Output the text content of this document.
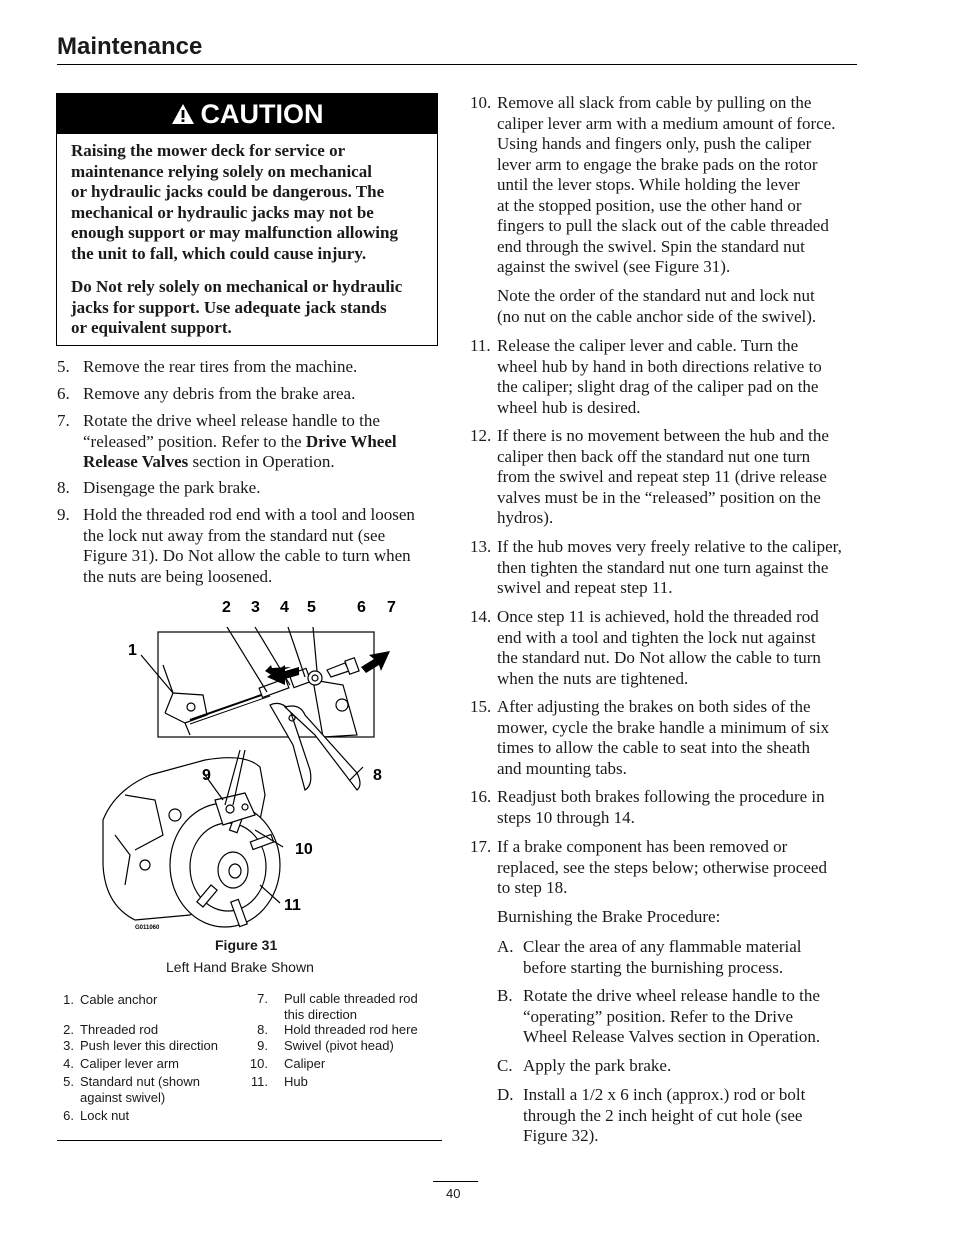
Maintenance
CAUTION

Raising the mower deck for service or
maintenance relying solely on mechanical
or hydraulic jacks could be dangerous. The
mechanical or hydraulic jacks may not be
enough support or may malfunction allowing
the unit to fall, which could cause injury.

Do Not rely solely on mechanical or hydraulic
jacks for support. Use adequate jack stands
or equivalent support.

5. Remove the rear tires from the machine.
6. Remove any debris from the brake area.
7. Rotate the drive wheel release handle to the
“released” position. Refer to the Drive Wheel
Release Valves section in Operation.
8. Disengage the park brake.
9. Hold the threaded rod end with a tool and loosen
the lock nut away from the standard nut (see
Figure 31). Do Not allow the cable to turn when
the nuts are being loosened.
1
2 3 4 5	6 7
8
9
10
11
G011060
Figure 31
Left Hand Brake Shown
1. Cable anchor
2. Threaded rod
3. Push lever this direction
4. Caliper lever arm
5. Standard nut (shown
against swivel)
6. Lock nut
7. Pull cable threaded rod
this direction
8. Hold threaded rod here
9. Swivel (pivot head)
10. Caliper
11. Hub
10. Remove all slack from cable by pulling on the
caliper lever arm with a medium amount of force.
Using hands and fingers only, push the caliper
lever arm to engage the brake pads on the rotor
until the lever stops. While holding the lever
at the stopped position, use the other hand or
fingers to pull the slack out of the cable threaded
end through the swivel. Spin the standard nut
against the swivel (see Figure 31).
Note the order of the standard nut and lock nut
(no nut on the cable anchor side of the swivel).
11. Release the caliper lever and cable. Turn the
wheel hub by hand in both directions relative to
the caliper; slight drag of the caliper pad on the
wheel hub is desired.
12. If there is no movement between the hub and the
caliper then back off the standard nut one turn
from the swivel and repeat step 11 (drive release
valves must be in the “released” position on the
hydros).
13. If the hub moves very freely relative to the caliper,
then tighten the standard nut one turn against the
swivel and repeat step 11.
14. Once step 11 is achieved, hold the threaded rod
end with a tool and tighten the lock nut against
the standard nut. Do Not allow the cable to turn
when the nuts are tightened.
15. After adjusting the brakes on both sides of the
mower, cycle the brake handle a minimum of six
times to allow the cable to seat into the sheath
and mounting tabs.
16. Readjust both brakes following the procedure in
steps 10 through 14.
17. If a brake component has been removed or
replaced, see the steps below; otherwise proceed
to step 18.
Burnishing the Brake Procedure:
A. Clear the area of any flammable material
before starting the burnishing process.
B. Rotate the drive wheel release handle to the
“operating” position. Refer to the Drive
Wheel Release Valves section in Operation.
C. Apply the park brake.
D. Install a 1/2 x 6 inch (approx.) rod or bolt
through the 2 inch height of cut hole (see
Figure 32).
40
